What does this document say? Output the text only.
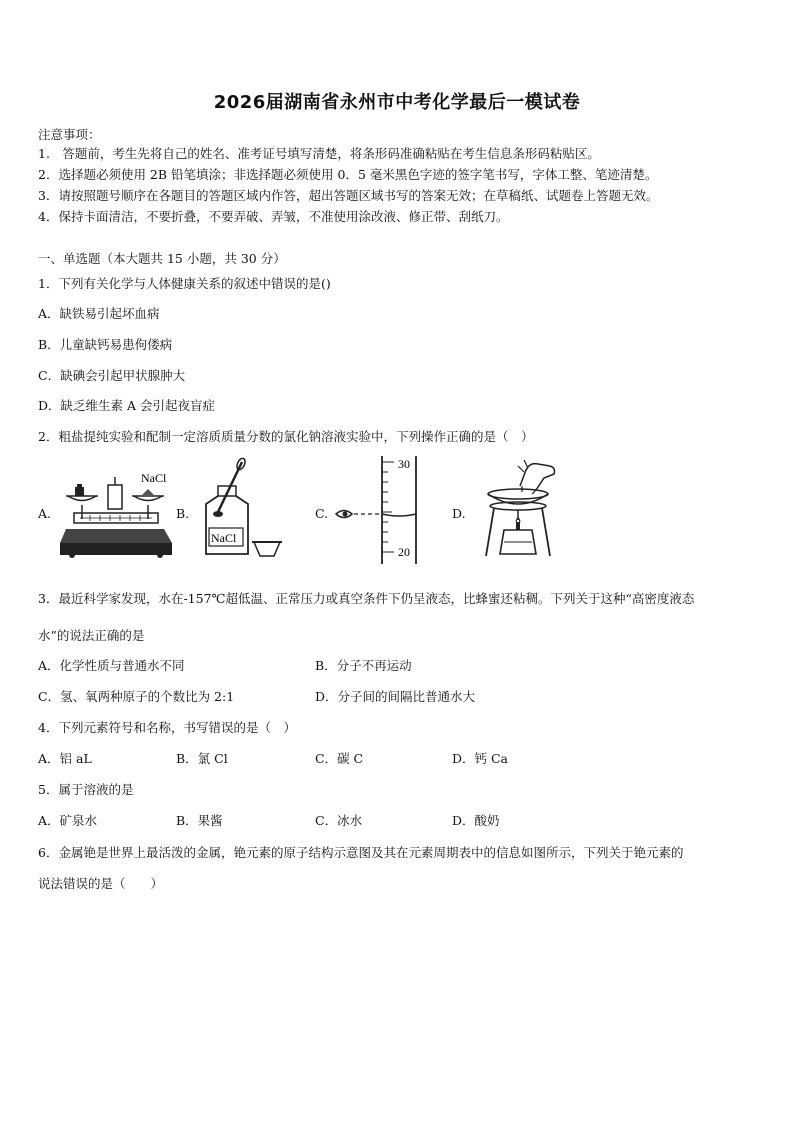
2026届湖南省永州市中考化学最后一模试卷
注意事项：
1.　答题前，考生先将自己的姓名、准考证号填写清楚，将条形码准确粘贴在考生信息条形码粘贴区。
2．选择题必须使用 2B 铅笔填涂；非选择题必须使用 0．5 毫米黑色字迹的签字笔书写，字体工整、笔迹清楚。
3．请按照题号顺序在各题目的答题区域内作答，超出答题区域书写的答案无效；在草稿纸、试题卷上答题无效。
4．保持卡面清洁，不要折叠，不要弄破、弄皱，不准使用涂改液、修正带、刮纸刀。
一、单选题（本大题共 15 小题，共 30 分）
1．下列有关化学与人体健康关系的叙述中错误的是()
A．缺铁易引起坏血病
B．儿童缺钙易患佝偻病
C．缺碘会引起甲状腺肿大
D．缺乏维生素 A 会引起夜盲症
2．粗盐提纯实验和配制一定溶质质量分数的氯化钠溶液实验中，下列操作正确的是（　）
A.	B.	C.	D.
NaCl
NaCl
30
20
3．最近科学家发现，水在-157℃超低温、正常压力或真空条件下仍呈液态，比蜂蜜还粘稠。下列关于这种“高密度液态
水”的说法正确的是
A．化学性质与普通水不同	B．分子不再运动
C．氢、氧两种原子的个数比为 2:1	D．分子间的间隔比普通水大
4．下列元素符号和名称，书写错误的是（　）
A．铝 aL	B．氯 Cl	C．碳 C	D．钙 Ca
5．属于溶液的是
A．矿泉水	B．果酱	C．冰水	D．酸奶
6．金属铯是世界上最活泼的金属，铯元素的原子结构示意图及其在元素周期表中的信息如图所示，下列关于铯元素的
说法错误的是（　　）
